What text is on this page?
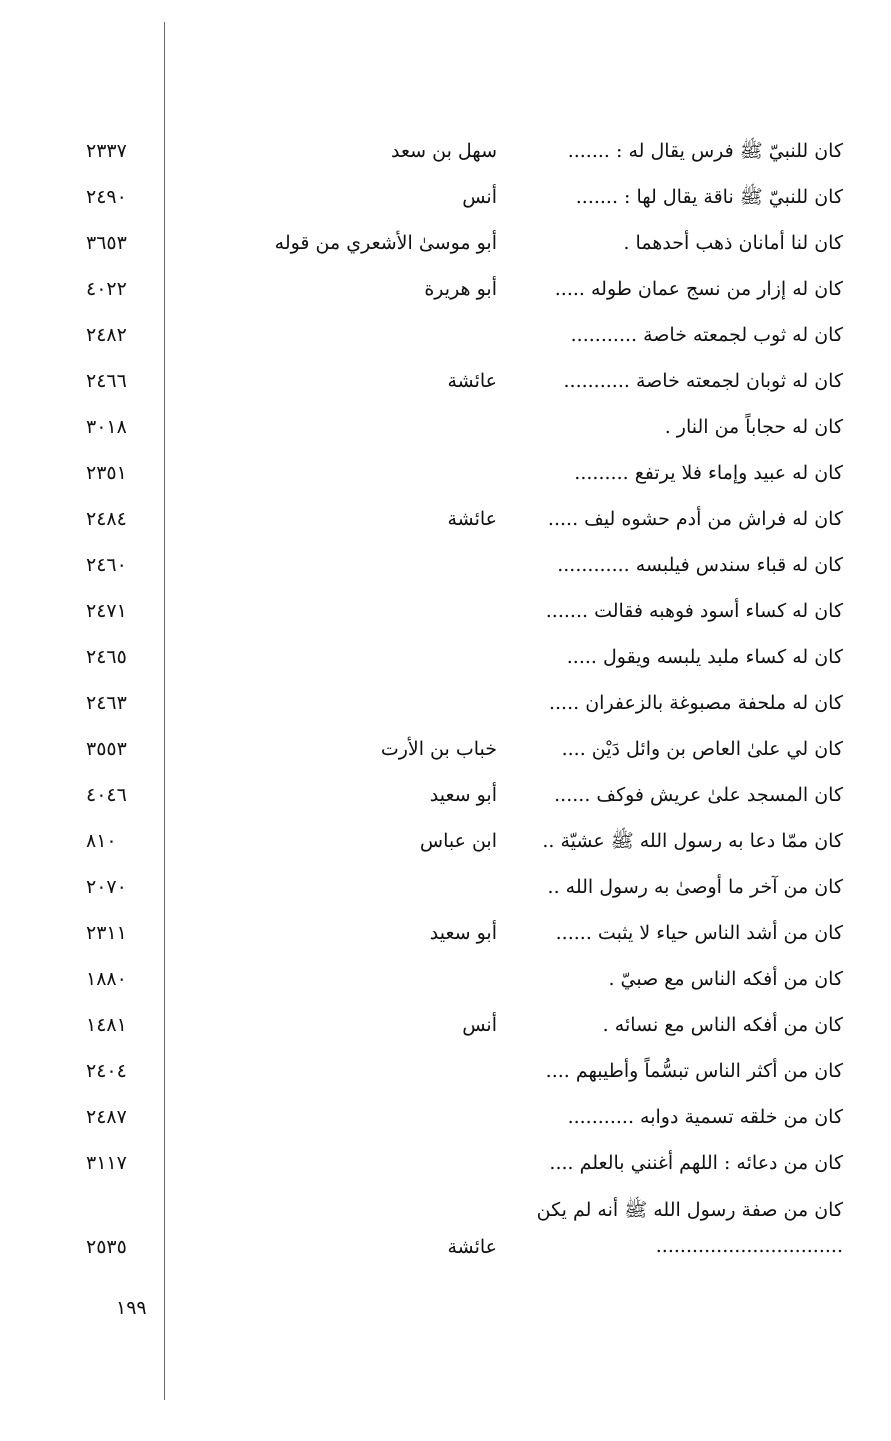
كان للنبيّ ﷺ فرس يقال له : .......
سهل بن سعد
٢٣٣٧
كان للنبيّ ﷺ ناقة يقال لها : .......
أنس
٢٤٩٠
كان لنا أمانان ذهب أحدهما .
أبو موسىٰ الأشعري من قوله
٣٦٥٣
كان له إزار من نسج عمان طوله .....
أبو هريرة
٤٠٢٢
كان له ثوب لجمعته خاصة ...........
٢٤٨٢
كان له ثوبان لجمعته خاصة ...........
عائشة
٢٤٦٦
كان له حجاباً من النار .
٣٠١٨
كان له عبيد وإماء فلا يرتفع .........
٢٣٥١
كان له فراش من أدم حشوه ليف .....
عائشة
٢٤٨٤
كان له قباء سندس فيلبسه ............
٢٤٦٠
كان له كساء أسود فوهبه فقالت .......
٢٤٧١
كان له كساء ملبد يلبسه ويقول .....
٢٤٦٥
كان له ملحفة مصبوغة بالزعفران .....
٢٤٦٣
كان لي علىٰ العاص بن وائل دَيْن ....
خباب بن الأرت
٣٥٥٣
كان المسجد علىٰ عريش فوكف ......
أبو سعيد
٤٠٤٦
كان ممّا دعا به رسول الله ﷺ عشيّة ..
ابن عباس
٨١٠
كان من آخر ما أوصىٰ به رسول الله ..
٢٠٧٠
كان من أشد الناس حياء لا يثبت ......
أبو سعيد
٢٣١١
كان من أفكه الناس مع صبيّ .
١٨٨٠
كان من أفكه الناس مع نسائه .
أنس
١٤٨١
كان من أكثر الناس تبسُّماً وأطيبهم ....
٢٤٠٤
كان من خلقه تسمية دوابه ...........
٢٤٨٧
كان من دعائه : اللهم أغنني بالعلم ....
٣١١٧
كان من صفة رسول الله ﷺ أنه لم يكن ...............................
عائشة
٢٥٣٥
١٩٩
